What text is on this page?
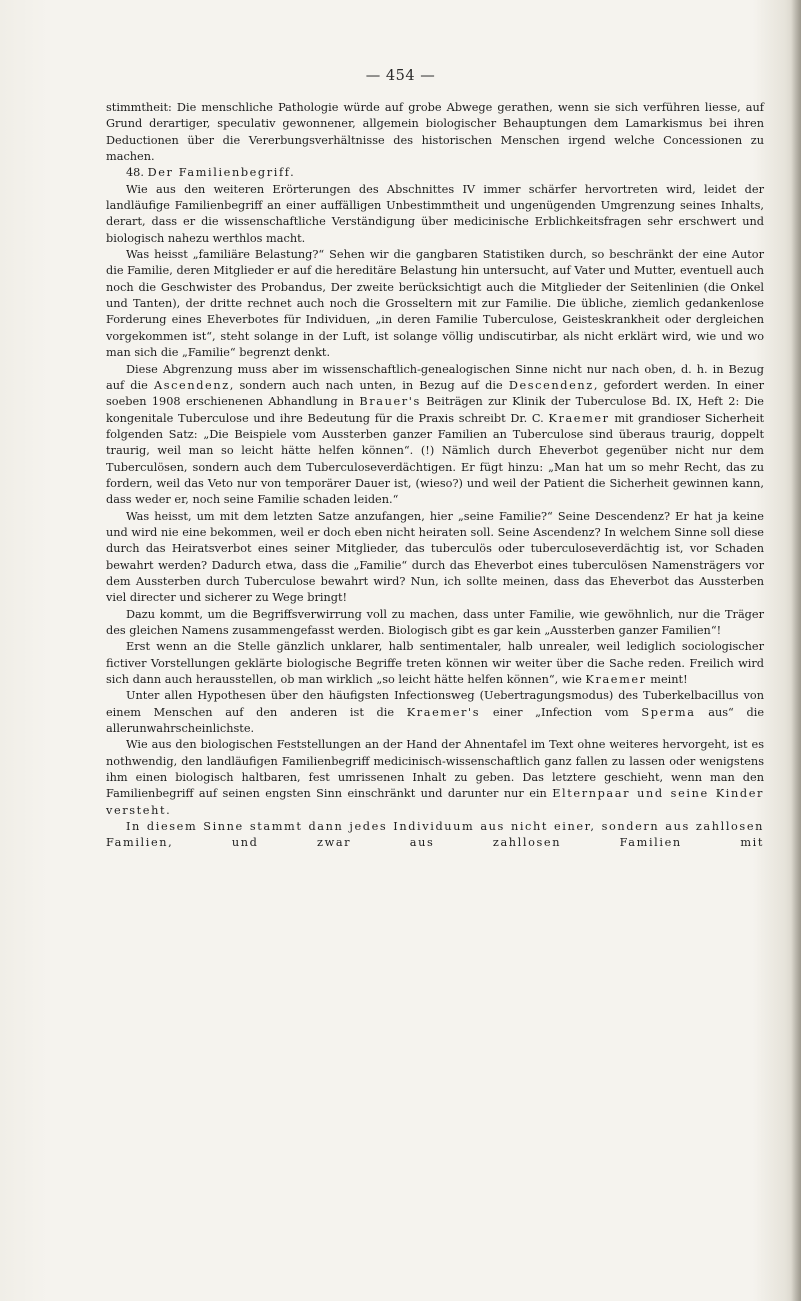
— 454 —

stimmtheit: Die menschliche Pathologie würde auf grobe Abwege gerathen, wenn sie sich verführen liesse, auf Grund derartiger, speculativ gewonnener, allgemein biologischer Behauptungen dem Lamarkismus bei ihren Deductionen über die Vererbungsverhältnisse des historischen Menschen irgend welche Concessionen zu machen.

48. Der Familienbegriff.

Wie aus den weiteren Erörterungen des Abschnittes IV immer schärfer hervortreten wird, leidet der landläufige Familienbegriff an einer auffälligen Unbestimmtheit und ungenügenden Umgrenzung seines Inhalts, derart, dass er die wissenschaftliche Verständigung über medicinische Erblichkeitsfragen sehr erschwert und biologisch nahezu werthlos macht.

Was heisst „familiäre Belastung?“ Sehen wir die gangbaren Statistiken durch, so beschränkt der eine Autor die Familie, deren Mitglieder er auf die hereditäre Belastung hin untersucht, auf Vater und Mutter, eventuell auch noch die Geschwister des Probandus, Der zweite berücksichtigt auch die Mitglieder der Seitenlinien (die Onkel und Tanten), der dritte rechnet auch noch die Grosseltern mit zur Familie. Die übliche, ziemlich gedankenlose Forderung eines Eheverbotes für Individuen, „in deren Familie Tuberculose, Geisteskrankheit oder dergleichen vorgekommen ist“, steht solange in der Luft, ist solange völlig undiscutirbar, als nicht erklärt wird, wie und wo man sich die „Familie“ begrenzt denkt.

Diese Abgrenzung muss aber im wissenschaftlich-genealogischen Sinne nicht nur nach oben, d. h. in Bezug auf die Ascendenz, sondern auch nach unten, in Bezug auf die Descendenz, gefordert werden. In einer soeben 1908 erschienenen Abhandlung in Brauer's Beiträgen zur Klinik der Tuberculose Bd. IX, Heft 2: Die kongenitale Tuberculose und ihre Bedeutung für die Praxis schreibt Dr. C. Kraemer mit grandioser Sicherheit folgenden Satz: „Die Beispiele vom Aussterben ganzer Familien an Tuberculose sind überaus traurig, doppelt traurig, weil man so leicht hätte helfen können“. (!) Nämlich durch Eheverbot gegenüber nicht nur dem Tuberculösen, sondern auch dem Tuberculoseverdächtigen. Er fügt hinzu: „Man hat um so mehr Recht, das zu fordern, weil das Veto nur von temporärer Dauer ist, (wieso?) und weil der Patient die Sicherheit gewinnen kann, dass weder er, noch seine Familie schaden leiden.“

Was heisst, um mit dem letzten Satze anzufangen, hier „seine Familie?“ Seine Descendenz? Er hat ja keine und wird nie eine bekommen, weil er doch eben nicht heiraten soll. Seine Ascendenz? In welchem Sinne soll diese durch das Heiratsverbot eines seiner Mitglieder, das tuberculös oder tuberculoseverdächtig ist, vor Schaden bewahrt werden? Dadurch etwa, dass die „Familie“ durch das Eheverbot eines tuberculösen Namensträgers vor dem Aussterben durch Tuberculose bewahrt wird? Nun, ich sollte meinen, dass das Eheverbot das Aussterben viel directer und sicherer zu Wege bringt!

Dazu kommt, um die Begriffsverwirrung voll zu machen, dass unter Familie, wie gewöhnlich, nur die Träger des gleichen Namens zusammengefasst werden. Biologisch gibt es gar kein „Aussterben ganzer Familien“!

Erst wenn an die Stelle gänzlich unklarer, halb sentimentaler, halb unrealer, weil lediglich sociologischer fictiver Vorstellungen geklärte biologische Begriffe treten können wir weiter über die Sache reden. Freilich wird sich dann auch herausstellen, ob man wirklich „so leicht hätte helfen können“, wie Kraemer meint!

Unter allen Hypothesen über den häufigsten Infectionsweg (Uebertragungsmodus) des Tuberkelbacillus von einem Menschen auf den anderen ist die Kraemer's einer „Infection vom Sperma aus“ die allerunwahrscheinlichste.

Wie aus den biologischen Feststellungen an der Hand der Ahnentafel im Text ohne weiteres hervorgeht, ist es nothwendig, den landläufigen Familienbegriff medicinisch-wissenschaftlich ganz fallen zu lassen oder wenigstens ihm einen biologisch haltbaren, fest umrissenen Inhalt zu geben. Das letztere geschieht, wenn man den Familienbegriff auf seinen engsten Sinn einschränkt und darunter nur ein Elternpaar und seine Kinder versteht.

In diesem Sinne stammt dann jedes Individuum aus nicht einer, sondern aus zahllosen Familien, und zwar aus zahllosen Familien mit
